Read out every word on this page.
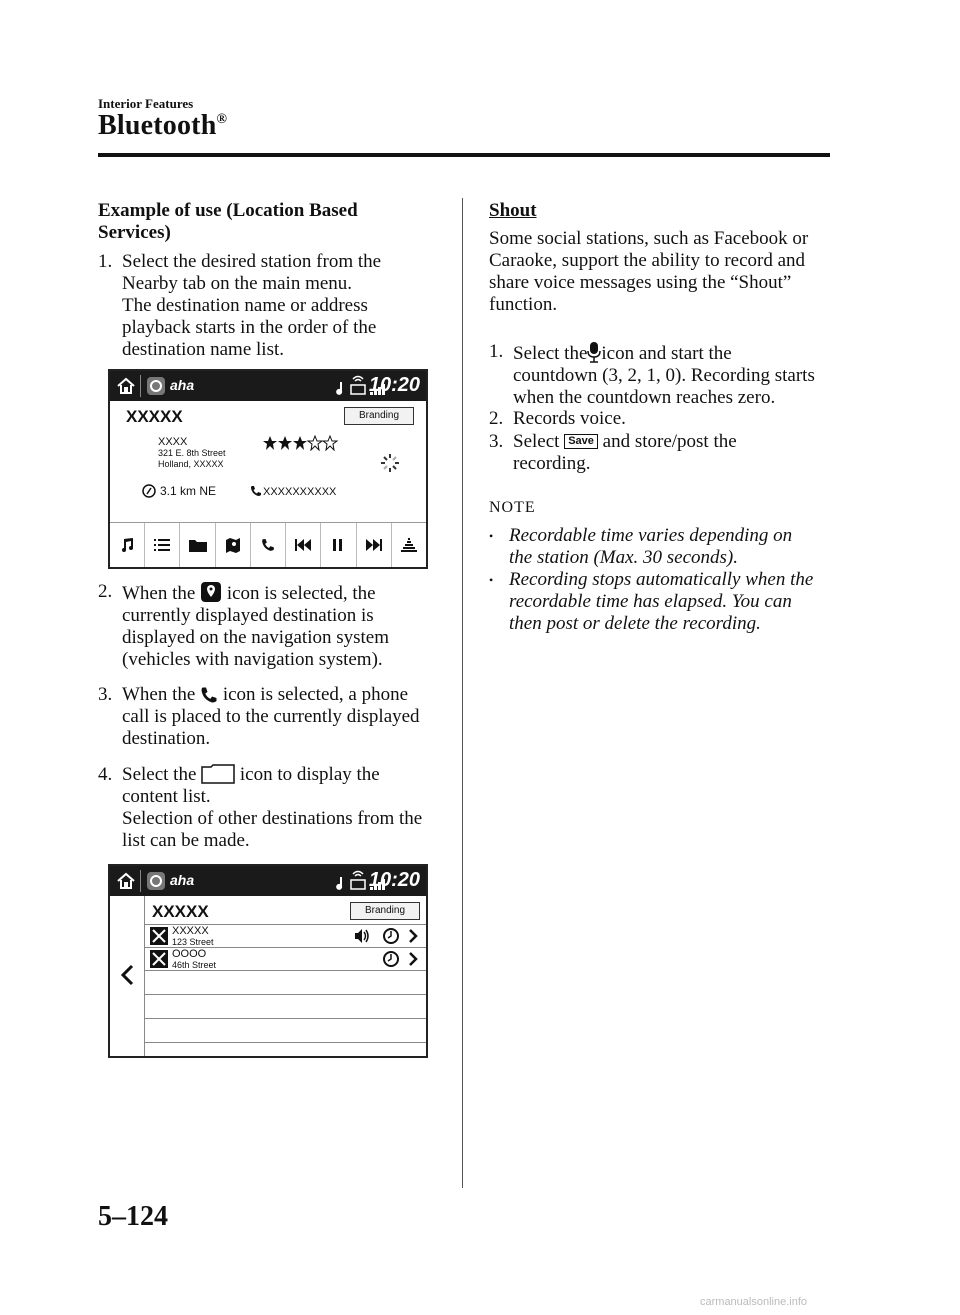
Interior Features
Bluetooth®
Example of use (Location Based
Services)
1. Select the desired station from the
Nearby tab on the main menu.
The destination name or address
playback starts in the order of the
destination name list.
aha	10:20
XXXXX	Branding
XXXX
321 E. 8th Street
Holland, XXXXX
3.1 km NE	XXXXXXXXXX
2. When the icon is selected, the
currently displayed destination is
displayed on the navigation system
(vehicles with navigation system).
3. When the icon is selected, a phone
call is placed to the currently displayed
destination.
4. Select the icon to display the
content list.
Selection of other destinations from the
list can be made.
aha	10:20
XXXXX	Branding
XXXXX
123 Street
OOOO
46th Street
Shout
Some social stations, such as Facebook or
Caraoke, support the ability to record and
share voice messages using the “Shout”
function.
1. Select the icon and start the
countdown (3, 2, 1, 0). Recording starts
when the countdown reaches zero.
2. Records voice.
3. Select Save and store/post the
recording.
NOTE
• Recordable time varies depending on
the station (Max. 30 seconds).
• Recording stops automatically when the
recordable time has elapsed. You can
then post or delete the recording.
5–124
carmanualsonline.info
